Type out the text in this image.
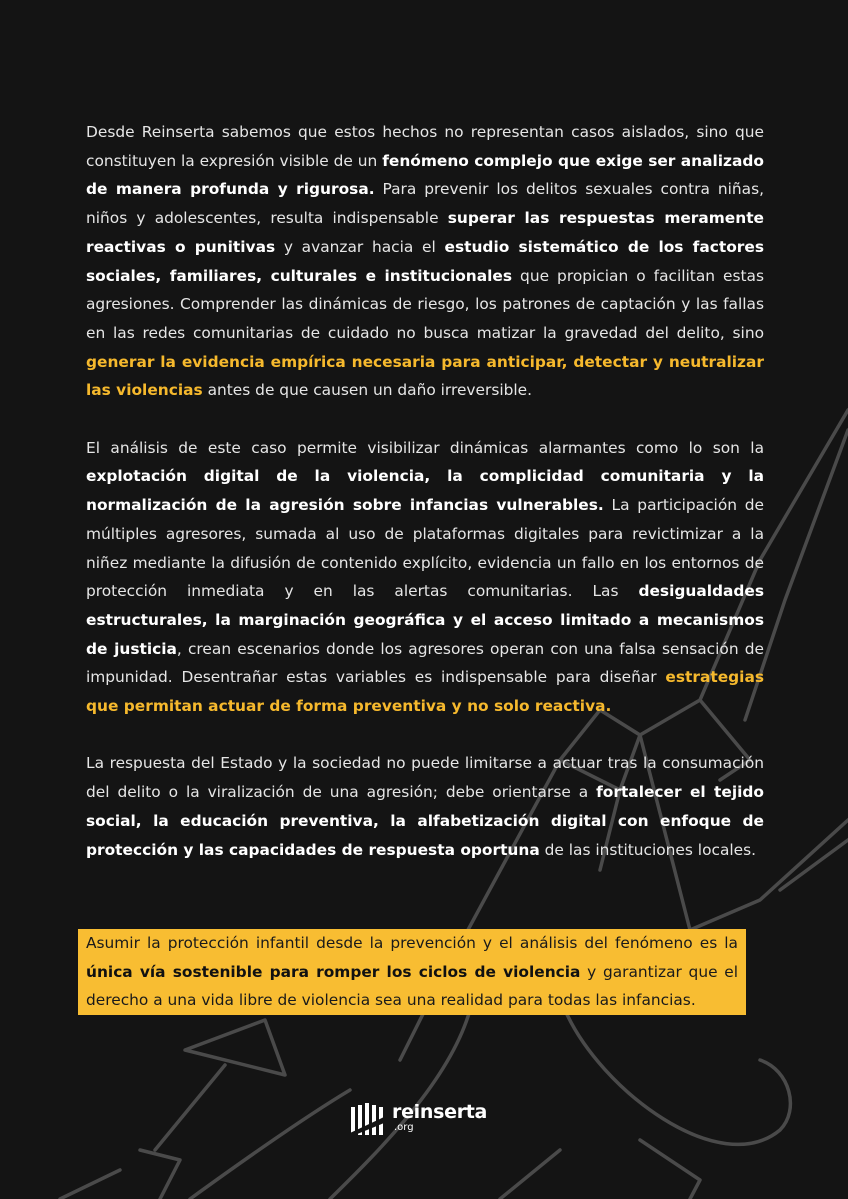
Desde Reinserta sabemos que estos hechos no representan casos aislados, sino que constituyen la expresión visible de un fenómeno complejo que exige ser analizado de manera profunda y rigurosa. Para prevenir los delitos sexuales contra niñas, niños y adolescentes, resulta indispensable superar las respuestas meramente reactivas o punitivas y avanzar hacia el estudio sistemático de los factores sociales, familiares, culturales e institucionales que propician o facilitan estas agresiones. Comprender las dinámicas de riesgo, los patrones de captación y las fallas en las redes comunitarias de cuidado no busca matizar la gravedad del delito, sino generar la evidencia empírica necesaria para anticipar, detectar y neutralizar las violencias antes de que causen un daño irreversible.

El análisis de este caso permite visibilizar dinámicas alarmantes como lo son la explotación digital de la violencia, la complicidad comunitaria y la normalización de la agresión sobre infancias vulnerables. La participación de múltiples agresores, sumada al uso de plataformas digitales para revictimizar a la niñez mediante la difusión de contenido explícito, evidencia un fallo en los entornos de protección inmediata y en las alertas comunitarias. Las desigualdades estructurales, la marginación geográfica y el acceso limitado a mecanismos de justicia, crean escenarios donde los agresores operan con una falsa sensación de impunidad. Desentrañar estas variables es indispensable para diseñar estrategias que permitan actuar de forma preventiva y no solo reactiva.

La respuesta del Estado y la sociedad no puede limitarse a actuar tras la consumación del delito o la viralización de una agresión; debe orientarse a fortalecer el tejido social, la educación preventiva, la alfabetización digital con enfoque de protección y las capacidades de respuesta oportuna de las instituciones locales.

Asumir la protección infantil desde la prevención y el análisis del fenómeno es la única vía sostenible para romper los ciclos de violencia y garantizar que el derecho a una vida libre de violencia sea una realidad para todas las infancias.
reinserta
.org
